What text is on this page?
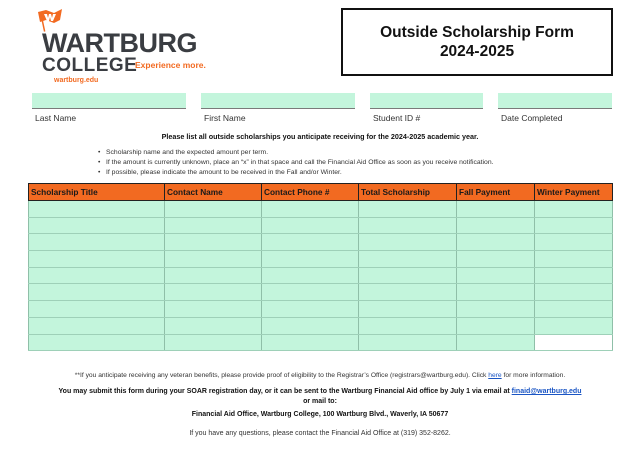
WARTBURG
COLLEGE
Experience more.
wartburg.edu
Outside Scholarship Form
2024-2025
Last Name	First Name	Student ID #	Date Completed
Please list all outside scholarships you anticipate receiving for the 2024-2025 academic year.
• Scholarship name and the expected amount per term.
• If the amount is currently unknown, place an “x” in that space and call the Financial Aid Office as soon as you receive notification.
• If possible, please indicate the amount to be received in the Fall and/or Winter.
Scholarship Title	Contact Name	Contact Phone #	Total Scholarship	Fall Payment	Winter Payment

**If you anticipate receiving any veteran benefits, please provide proof of eligibility to the Registrar’s Office (registrars@wartburg.edu). Click here for more information.
You may submit this form during your SOAR registration day, or it can be sent to the Wartburg Financial Aid office by July 1 via email at finaid@wartburg.edu
or mail to:
Financial Aid Office, Wartburg College, 100 Wartburg Blvd., Waverly, IA 50677
If you have any questions, please contact the Financial Aid Office at (319) 352-8262.
